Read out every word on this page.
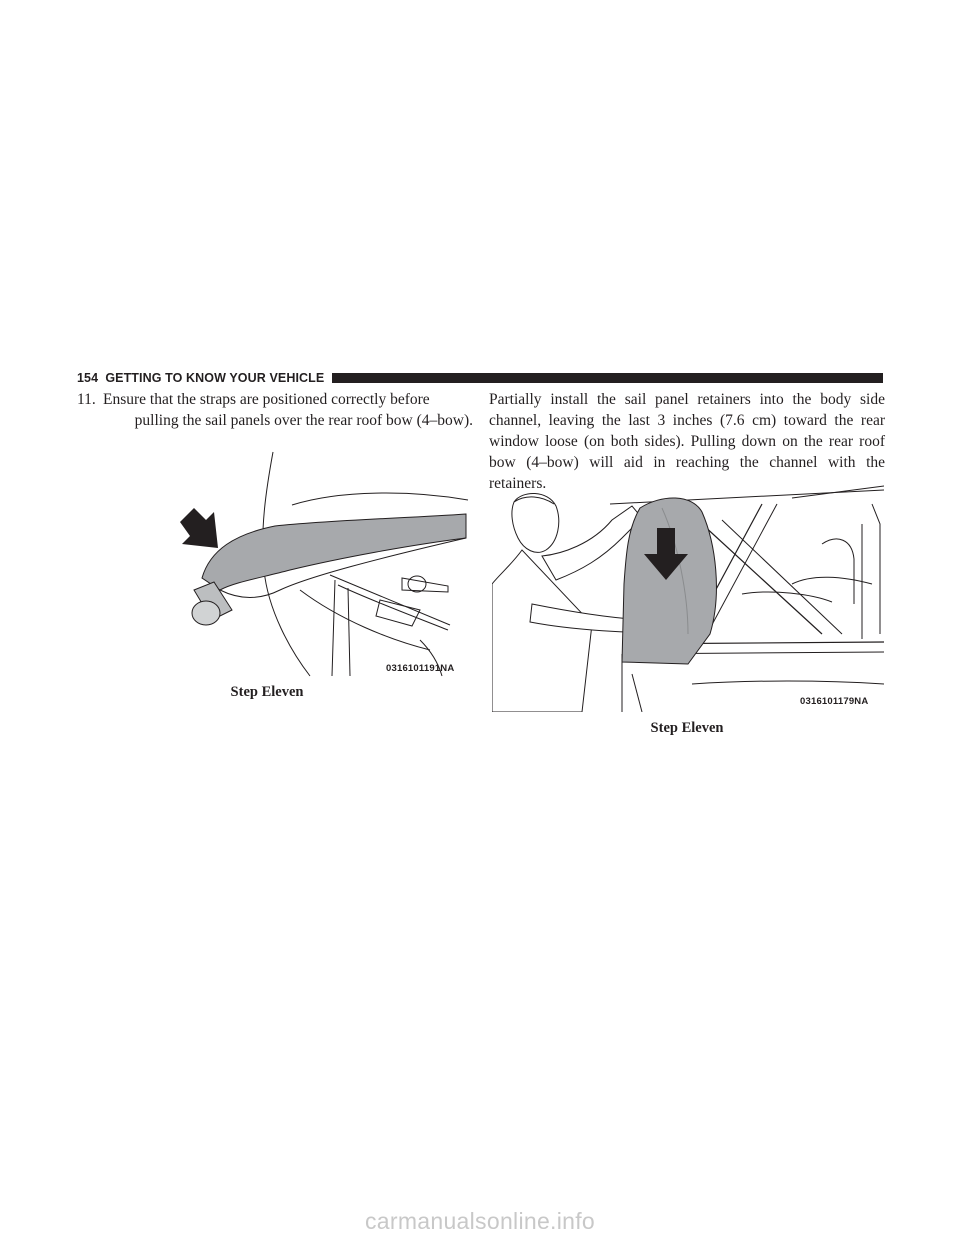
154 GETTING TO KNOW YOUR VEHICLE
11. Ensure that the straps are positioned correctly before
pulling the sail panels over the rear roof bow (4–bow).
0316101191NA
Step Eleven

Partially install the sail panel retainers into the body side channel, leaving the last 3 inches (7.6 cm) toward the rear window loose (on both sides). Pulling down on the rear roof bow (4–bow) will aid in reaching the channel with the retainers.

0316101179NA
Step Eleven
carmanualsonline.info
